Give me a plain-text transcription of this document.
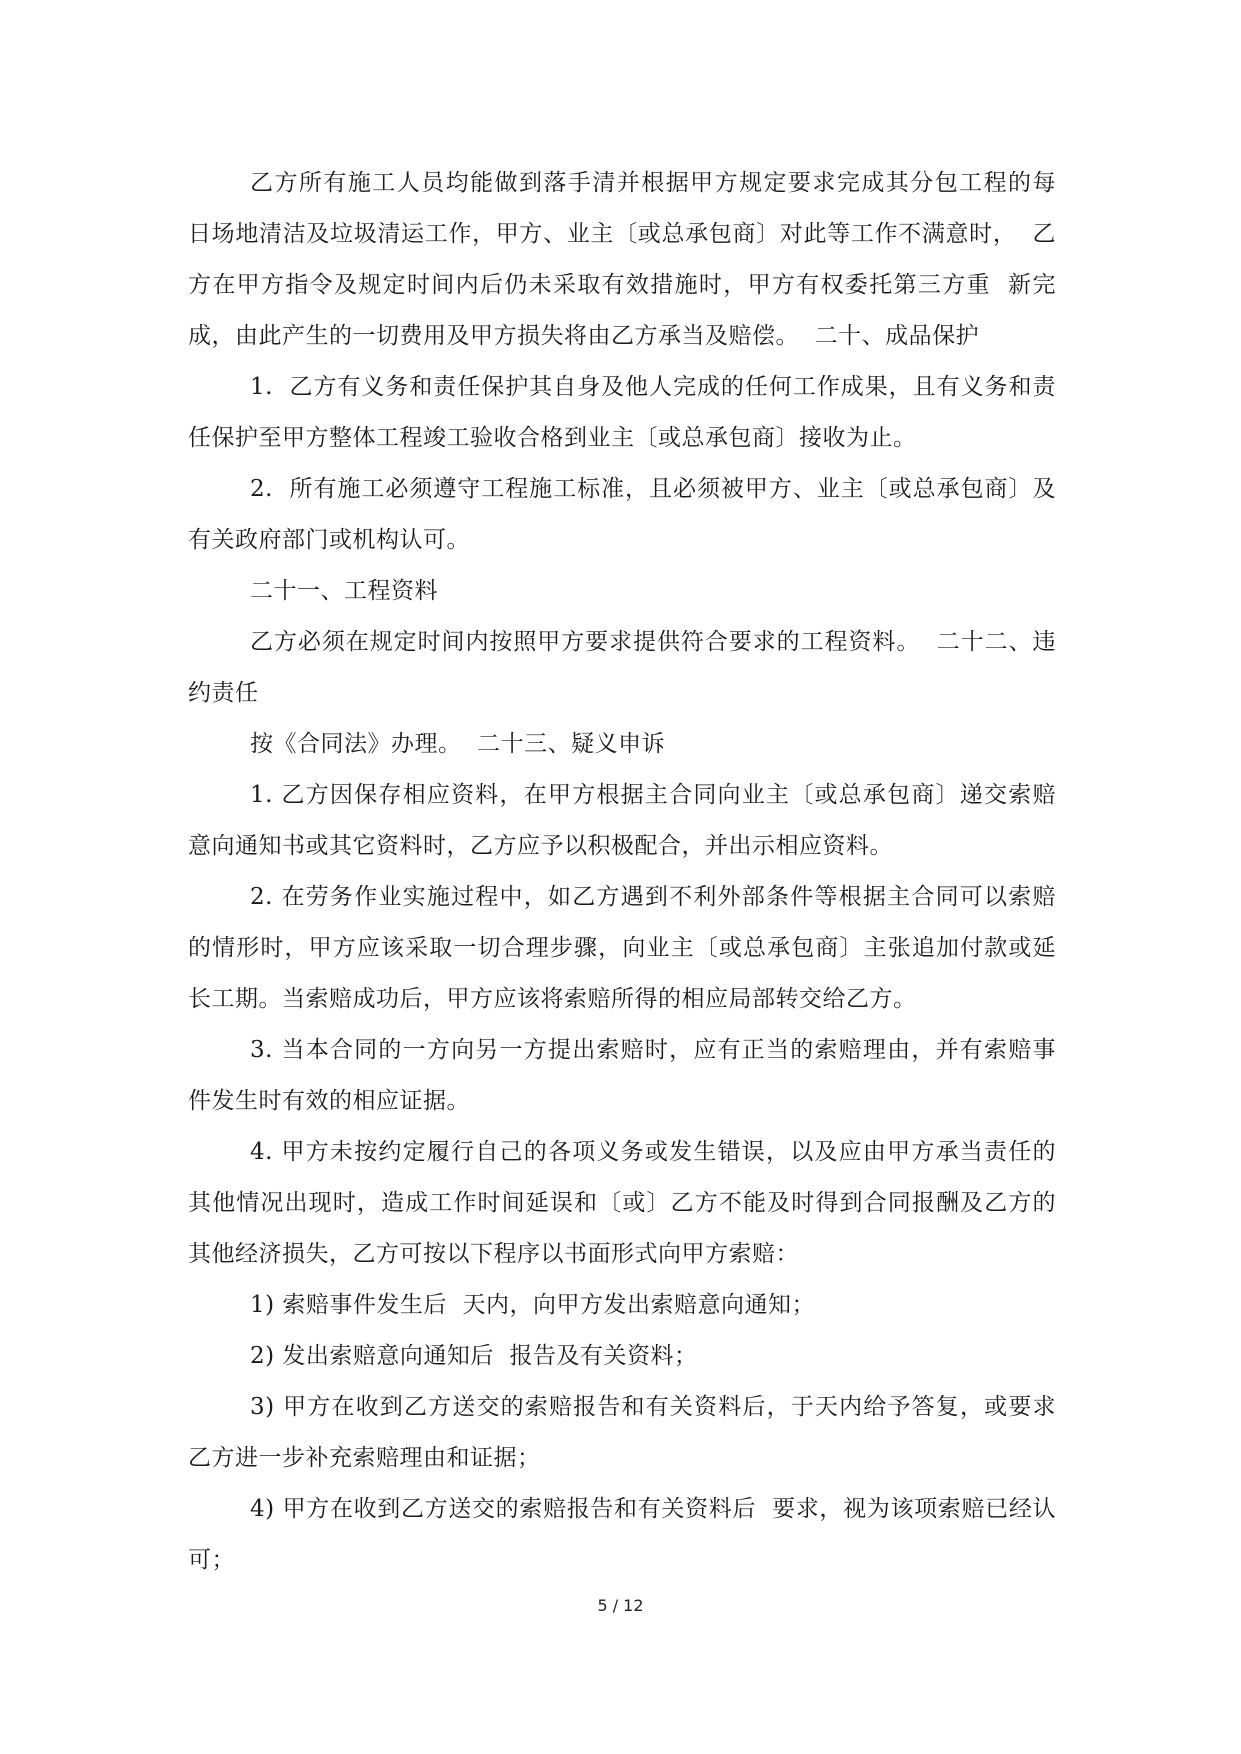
乙方所有施工人员均能做到落手清并根据甲方规定要求完成其分包工程的每  日场地清洁及垃圾清运工作，甲方、业主〔或总承包商〕对此等工作不满意时，  乙方在甲方指令及规定时间内后仍未采取有效措施时，甲方有权委托第三方重  新完成，由此产生的一切费用及甲方损失将由乙方承当及赔偿。  二十、成品保护

1.  乙方有义务和责任保护其自身及他人完成的任何工作成果，且有义务和责任保护至甲方整体工程竣工验收合格到业主〔或总承包商〕接收为止。

2.  所有施工必须遵守工程施工标准，且必须被甲方、业主〔或总承包商〕及有关政府部门或机构认可。

二十一、工程资料

乙方必须在规定时间内按照甲方要求提供符合要求的工程资料。  二十二、违约责任

按《合同法》办理。  二十三、疑义申诉

1. 乙方因保存相应资料，在甲方根据主合同向业主〔或总承包商〕递交索赔意向通知书或其它资料时，乙方应予以积极配合，并出示相应资料。

2. 在劳务作业实施过程中，如乙方遇到不利外部条件等根据主合同可以索赔的情形时，甲方应该采取一切合理步骤，向业主〔或总承包商〕主张追加付款或延长工期。当索赔成功后，甲方应该将索赔所得的相应局部转交给乙方。

3. 当本合同的一方向另一方提出索赔时，应有正当的索赔理由，并有索赔事件发生时有效的相应证据。

4. 甲方未按约定履行自己的各项义务或发生错误，以及应由甲方承当责任的其他情况出现时，造成工作时间延误和〔或〕乙方不能及时得到合同报酬及乙方的其他经济损失，乙方可按以下程序以书面形式向甲方索赔：

1) 索赔事件发生后  天内，向甲方发出索赔意向通知；

2) 发出索赔意向通知后  报告及有关资料；

3) 甲方在收到乙方送交的索赔报告和有关资料后，于天内给予答复，或要求乙方进一步补充索赔理由和证据；

4) 甲方在收到乙方送交的索赔报告和有关资料后  要求，视为该项索赔已经认可；

5 / 12
